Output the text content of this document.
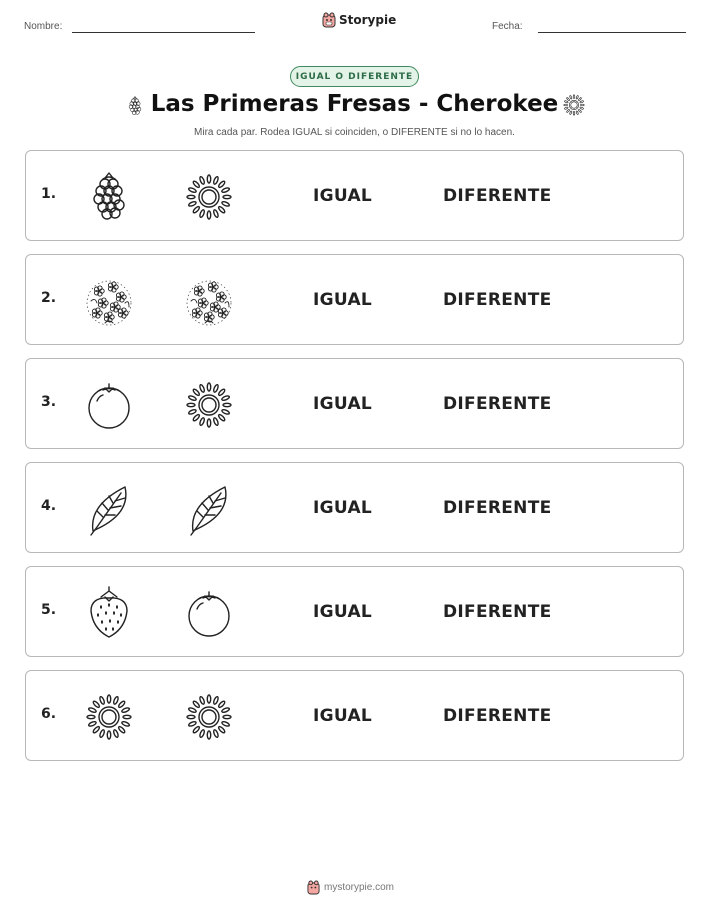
Nombre:	Storypie	Fecha:
IGUAL O DIFERENTE
Las Primeras Fresas - Cherokee
Mira cada par. Rodea IGUAL si coinciden, o DIFERENTE si no lo hacen.
1.	IGUAL	DIFERENTE
2.	IGUAL	DIFERENTE
3.	IGUAL	DIFERENTE
4.	IGUAL	DIFERENTE
5.	IGUAL	DIFERENTE
6.	IGUAL	DIFERENTE
mystorypie.com
